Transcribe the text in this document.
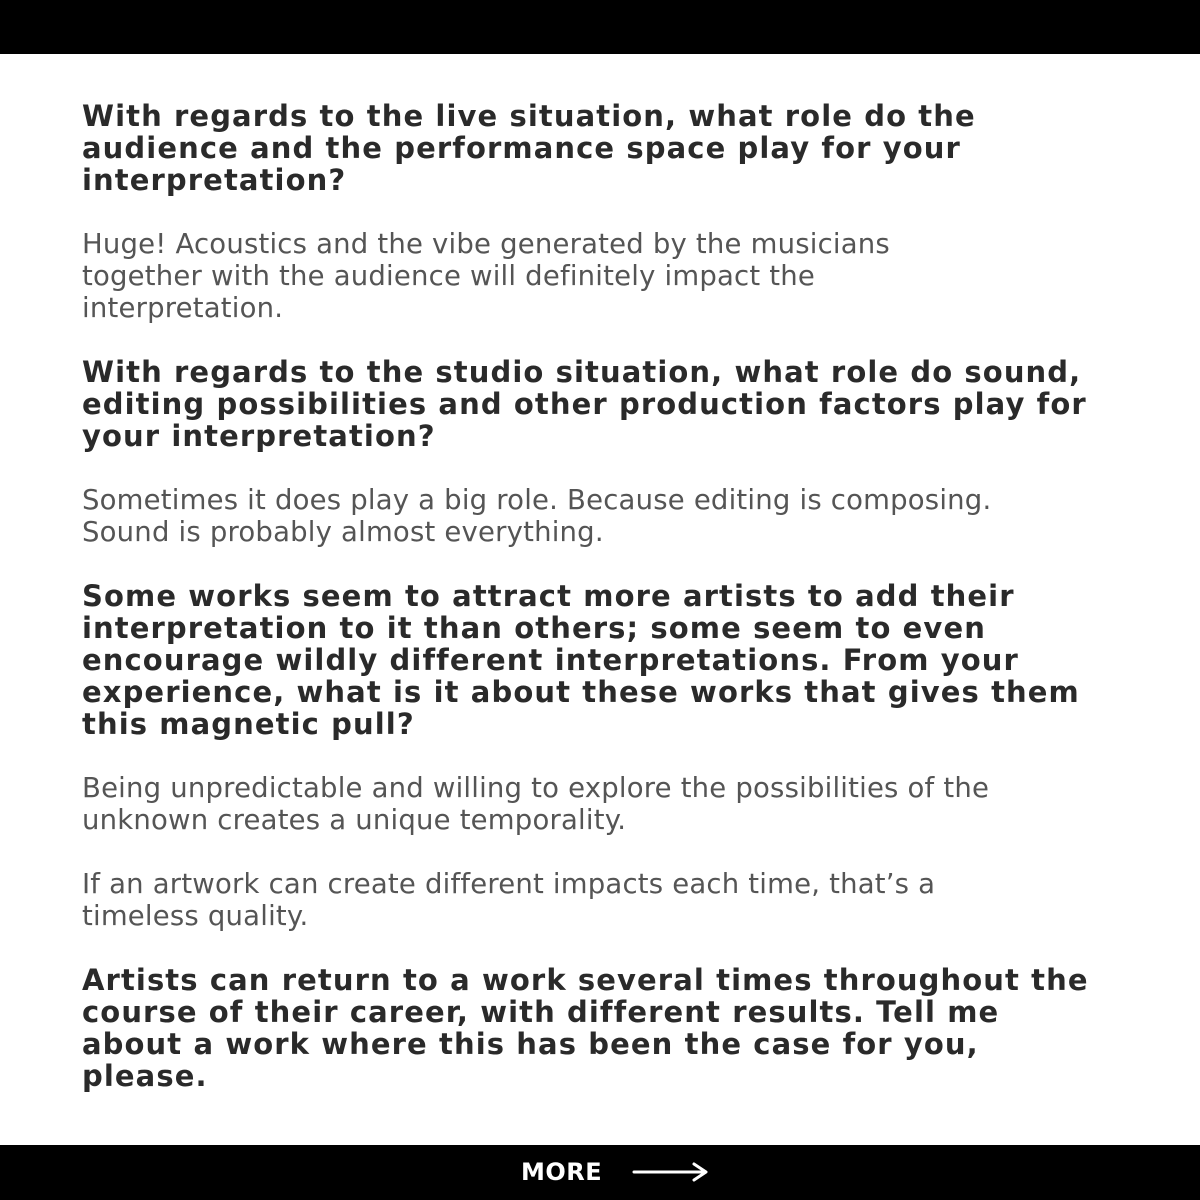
With regards to the live situation, what role do the
audience and the performance space play for your
interpretation?
Huge! Acoustics and the vibe generated by the musicians
together with the audience will definitely impact the
interpretation.
With regards to the studio situation, what role do sound,
editing possibilities and other production factors play for
your interpretation?
Sometimes it does play a big role. Because editing is composing.
Sound is probably almost everything.
Some works seem to attract more artists to add their
interpretation to it than others; some seem to even
encourage wildly different interpretations. From your
experience, what is it about these works that gives them
this magnetic pull?
Being unpredictable and willing to explore the possibilities of the
unknown creates a unique temporality.
If an artwork can create different impacts each time, that’s a
timeless quality.
Artists can return to a work several times throughout the
course of their career, with different results. Tell me
about a work where this has been the case for you,
please.
MORE
